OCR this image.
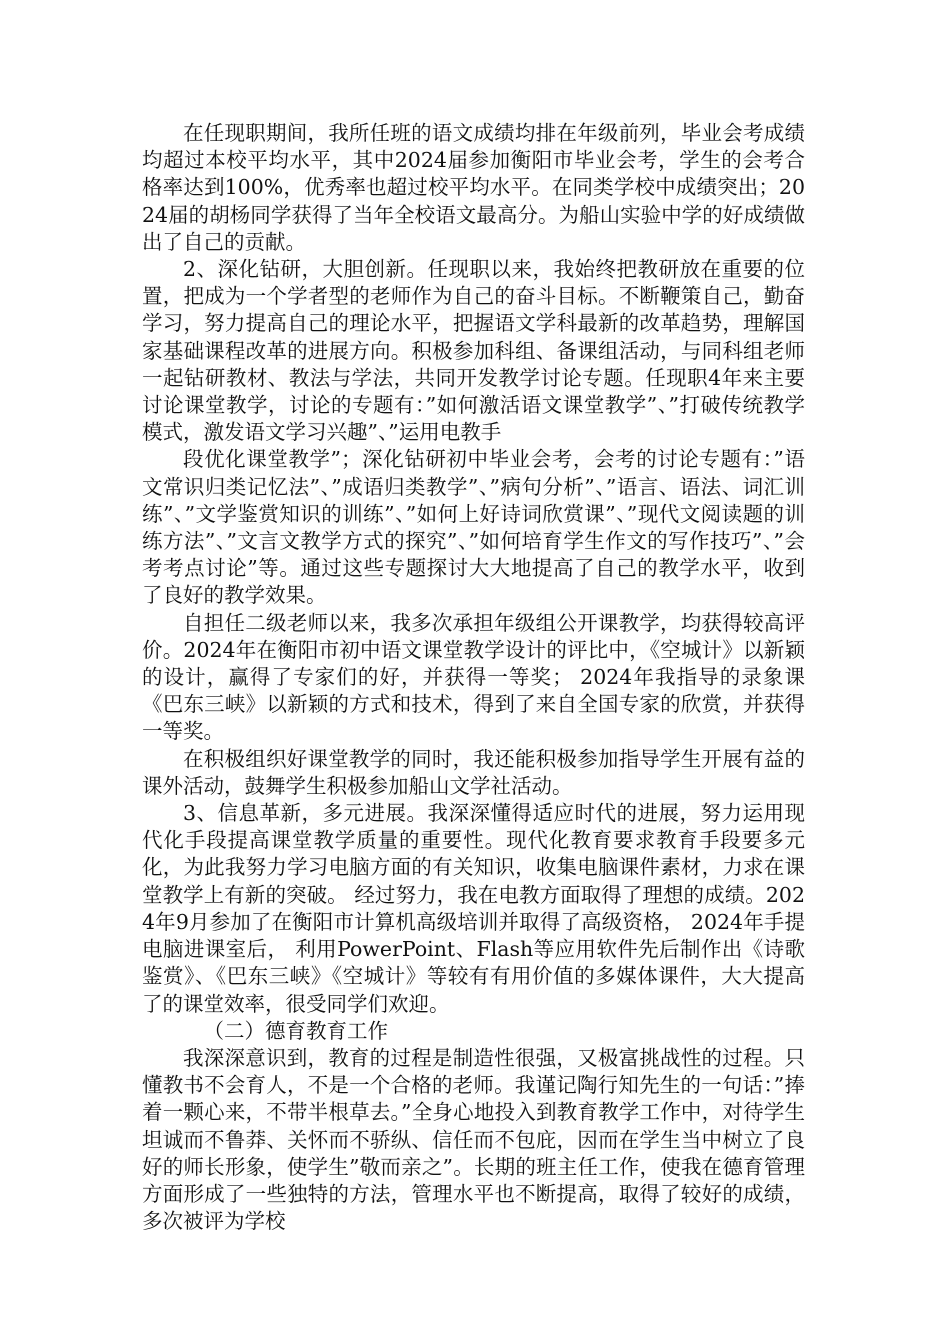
在任现职期间，我所任班的语文成绩均排在年级前列，毕业会考成绩均超过本校平均水平，其中2024届参加衡阳市毕业会考，学生的会考合格率达到100%，优秀率也超过校平均水平。在同类学校中成绩突出；2024届的胡杨同学获得了当年全校语文最高分。为船山实验中学的好成绩做出了自己的贡献。

2、深化钻研，大胆创新。任现职以来，我始终把教研放在重要的位置，把成为一个学者型的老师作为自己的奋斗目标。不断鞭策自己，勤奋学习，努力提高自己的理论水平，把握语文学科最新的改革趋势，理解国家基础课程改革的进展方向。积极参加科组、备课组活动，与同科组老师一起钻研教材、教法与学法，共同开发教学讨论专题。任现职4年来主要讨论课堂教学，讨论的专题有：”如何激活语文课堂教学”、”打破传统教学模式，激发语文学习兴趣”、”运用电教手

段优化课堂教学”；深化钻研初中毕业会考，会考的讨论专题有：”语文常识归类记忆法”、”成语归类教学”、”病句分析”、”语言、语法、词汇训练”、”文学鉴赏知识的训练”、”如何上好诗词欣赏课”、”现代文阅读题的训练方法”、”文言文教学方式的探究”、”如何培育学生作文的写作技巧”、”会考考点讨论”等。通过这些专题探讨大大地提高了自己的教学水平，收到了良好的教学效果。

自担任二级老师以来，我多次承担年级组公开课教学，均获得较高评价。2024年在衡阳市初中语文课堂教学设计的评比中，《空城计》以新颖的设计，赢得了专家们的好，并获得一等奖； 2024年我指导的录象课《巴东三峡》以新颖的方式和技术，得到了来自全国专家的欣赏，并获得一等奖。

在积极组织好课堂教学的同时，我还能积极参加指导学生开展有益的课外活动，鼓舞学生积极参加船山文学社活动。

3、信息革新，多元进展。我深深懂得适应时代的进展，努力运用现代化手段提高课堂教学质量的重要性。现代化教育要求教育手段要多元化，为此我努力学习电脑方面的有关知识，收集电脑课件素材，力求在课堂教学上有新的突破。 经过努力，我在电教方面取得了理想的成绩。2024年9月参加了在衡阳市计算机高级培训并取得了高级资格， 2024年手提电脑进课室后， 利用PowerPoint、Flash等应用软件先后制作出《诗歌鉴赏》、《巴东三峡》《空城计》等较有有用价值的多媒体课件，大大提高了的课堂效率，很受同学们欢迎。

（二）德育教育工作

我深深意识到，教育的过程是制造性很强，又极富挑战性的过程。只懂教书不会育人，不是一个合格的老师。我谨记陶行知先生的一句话：”捧着一颗心来，不带半根草去。”全身心地投入到教育教学工作中，对待学生坦诚而不鲁莽、关怀而不骄纵、信任而不包庇，因而在学生当中树立了良好的师长形象，使学生”敬而亲之”。长期的班主任工作，使我在德育管理方面形成了一些独特的方法，管理水平也不断提高，取得了较好的成绩，多次被评为学校
